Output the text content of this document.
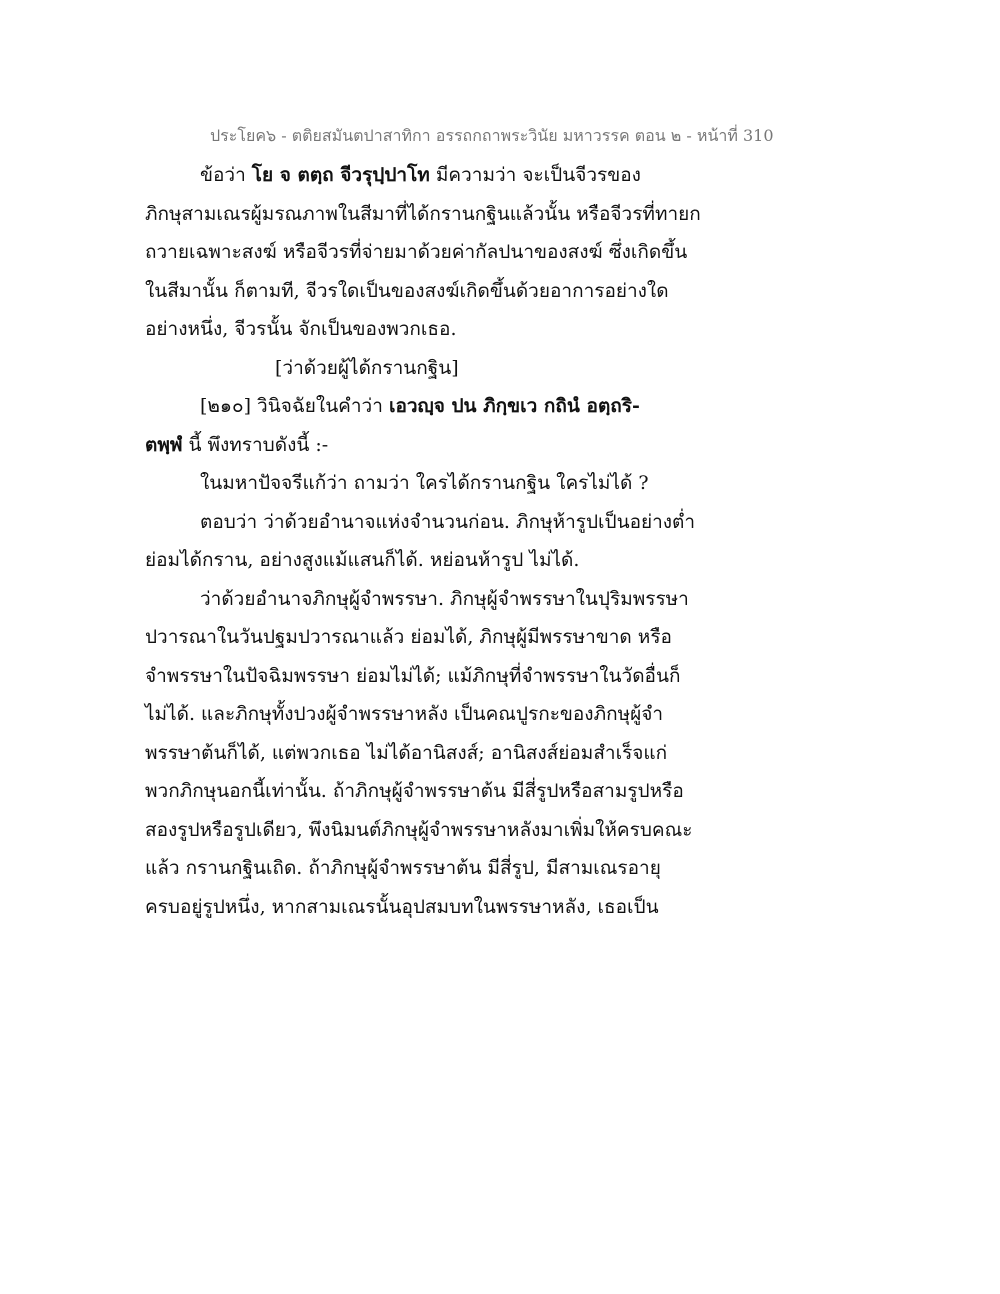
ประโยค๖ - ตติยสมันตปาสาทิกา อรรถกถาพระวินัย มหาวรรค ตอน ๒ - หน้าที่ 310
ข้อว่า โย จ ตตฺถ จีวรุปฺปาโท มีความว่า จะเป็นจีวรของ
ภิกษุสามเณรผู้มรณภาพในสีมาที่ได้กรานกฐินแล้วนั้น หรือจีวรที่ทายก
ถวายเฉพาะสงฆ์ หรือจีวรที่จ่ายมาด้วยค่ากัลปนาของสงฆ์ ซึ่งเกิดขึ้น
ในสีมานั้น ก็ตามที, จีวรใดเป็นของสงฆ์เกิดขึ้นด้วยอาการอย่างใด
อย่างหนึ่ง, จีวรนั้น จักเป็นของพวกเธอ.
[ว่าด้วยผู้ได้กรานกฐิน]
[๒๑๐] วินิจฉัยในคำว่า เอวญฺจ ปน ภิกฺขเว กถินํ อตฺถริ-
ตพฺพํ นี้ พึงทราบดังนี้ :-
ในมหาปัจจรีแก้ว่า ถามว่า ใครได้กรานกฐิน ใครไม่ได้ ?
ตอบว่า ว่าด้วยอำนาจแห่งจำนวนก่อน. ภิกษุห้ารูปเป็นอย่างต่ำ
ย่อมได้กราน, อย่างสูงแม้แสนก็ได้. หย่อนห้ารูป ไม่ได้.
ว่าด้วยอำนาจภิกษุผู้จำพรรษา. ภิกษุผู้จำพรรษาในปุริมพรรษา
ปวารณาในวันปฐมปวารณาแล้ว ย่อมได้, ภิกษุผู้มีพรรษาขาด หรือ
จำพรรษาในปัจฉิมพรรษา ย่อมไม่ได้; แม้ภิกษุที่จำพรรษาในวัดอื่นก็
ไม่ได้. และภิกษุทั้งปวงผู้จำพรรษาหลัง เป็นคณปูรกะของภิกษุผู้จำ
พรรษาต้นก็ได้, แต่พวกเธอ ไม่ได้อานิสงส์; อานิสงส์ย่อมสำเร็จแก่
พวกภิกษุนอกนี้เท่านั้น. ถ้าภิกษุผู้จำพรรษาต้น มีสี่รูปหรือสามรูปหรือ
สองรูปหรือรูปเดียว, พึงนิมนต์ภิกษุผู้จำพรรษาหลังมาเพิ่มให้ครบคณะ
แล้ว กรานกฐินเถิด. ถ้าภิกษุผู้จำพรรษาต้น มีสี่รูป, มีสามเณรอายุ
ครบอยู่รูปหนึ่ง, หากสามเณรนั้นอุปสมบทในพรรษาหลัง, เธอเป็น
